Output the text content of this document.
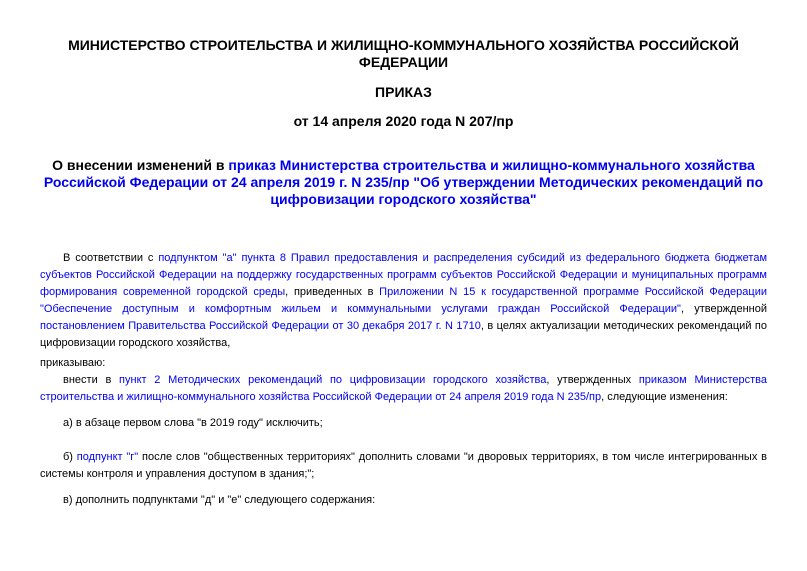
МИНИСТЕРСТВО СТРОИТЕЛЬСТВА И ЖИЛИЩНО-КОММУНАЛЬНОГО ХОЗЯЙСТВА РОССИЙСКОЙ ФЕДЕРАЦИИ
ПРИКАЗ
от 14 апреля 2020 года N 207/пр
О внесении изменений в приказ Министерства строительства и жилищно-коммунального хозяйства Российской Федерации от 24 апреля 2019 г. N 235/пр "Об утверждении Методических рекомендаций по цифровизации городского хозяйства"
В соответствии с подпунктом "а" пункта 8 Правил предоставления и распределения субсидий из федерального бюджета бюджетам субъектов Российской Федерации на поддержку государственных программ субъектов Российской Федерации и муниципальных программ формирования современной городской среды, приведенных в Приложении N 15 к государственной программе Российской Федерации "Обеспечение доступным и комфортным жильем и коммунальными услугами граждан Российской Федерации", утвержденной постановлением Правительства Российской Федерации от 30 декабря 2017 г. N 1710, в целях актуализации методических рекомендаций по цифровизации городского хозяйства,
приказываю:
внести в пункт 2 Методических рекомендаций по цифровизации городского хозяйства, утвержденных приказом Министерства строительства и жилищно-коммунального хозяйства Российской Федерации от 24 апреля 2019 года N 235/пр, следующие изменения:
а) в абзаце первом слова "в 2019 году" исключить;
б) подпункт "г" после слов "общественных территориях" дополнить словами "и дворовых территориях, в том числе интегрированных в системы контроля и управления доступом в здания;";
в) дополнить подпунктами "д" и "е" следующего содержания:
